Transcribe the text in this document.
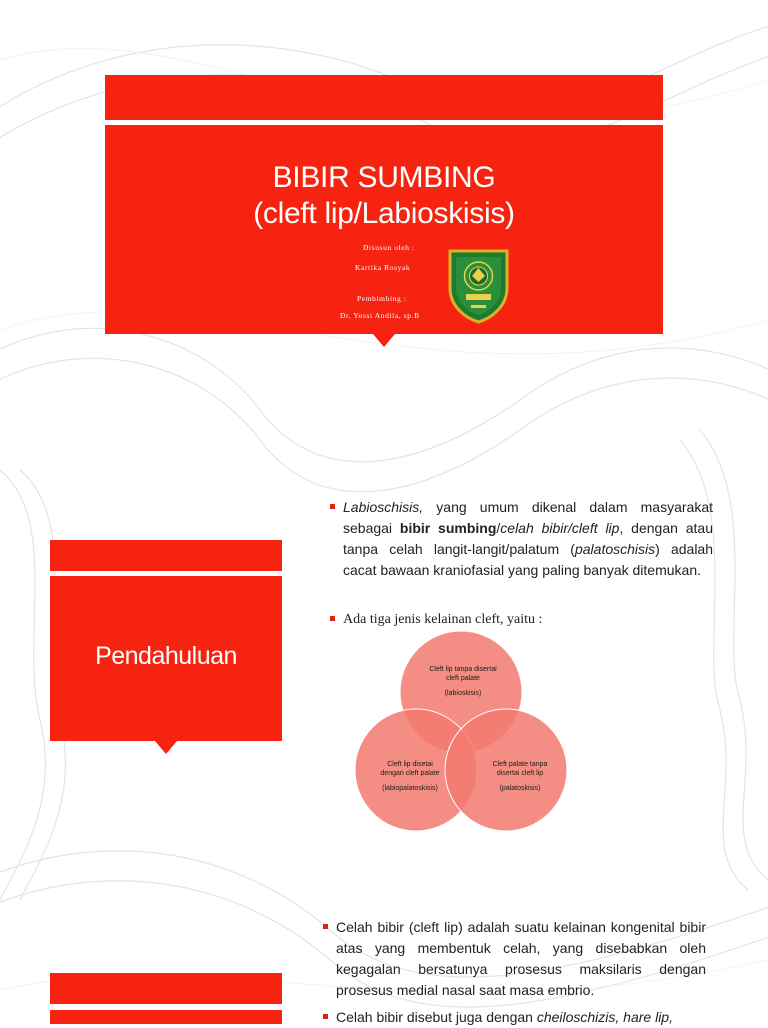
BIBIR SUMBING
(cleft lip/Labioskisis)
Disusun oleh :
Kartika Rosyak
Pembimbing :
Dr. Yossi Andila, sp.B
Pendahuluan
Labioschisis, yang umum dikenal dalam masyarakat sebagai bibir sumbing/celah bibir/cleft lip, dengan atau tanpa celah langit-langit/palatum (palatoschisis) adalah cacat bawaan kraniofasial yang paling banyak ditemukan.
Ada tiga jenis kelainan cleft, yaitu :
Cleft lip tanpa disertai
cleft palate
(labioskisis)
Cleft lip disetai
dengan cleft palate
(labiopalatoskisis)
Cleft palate tanpa
disertai cleft lip
(palatoskisis)
Celah bibir (cleft lip) adalah suatu kelainan kongenital bibir atas yang membentuk celah, yang disebabkan oleh kegagalan bersatunya prosesus maksilaris dengan prosesus medial nasal saat masa embrio.
Celah bibir disebut juga dengan cheiloschizis, hare lip,
